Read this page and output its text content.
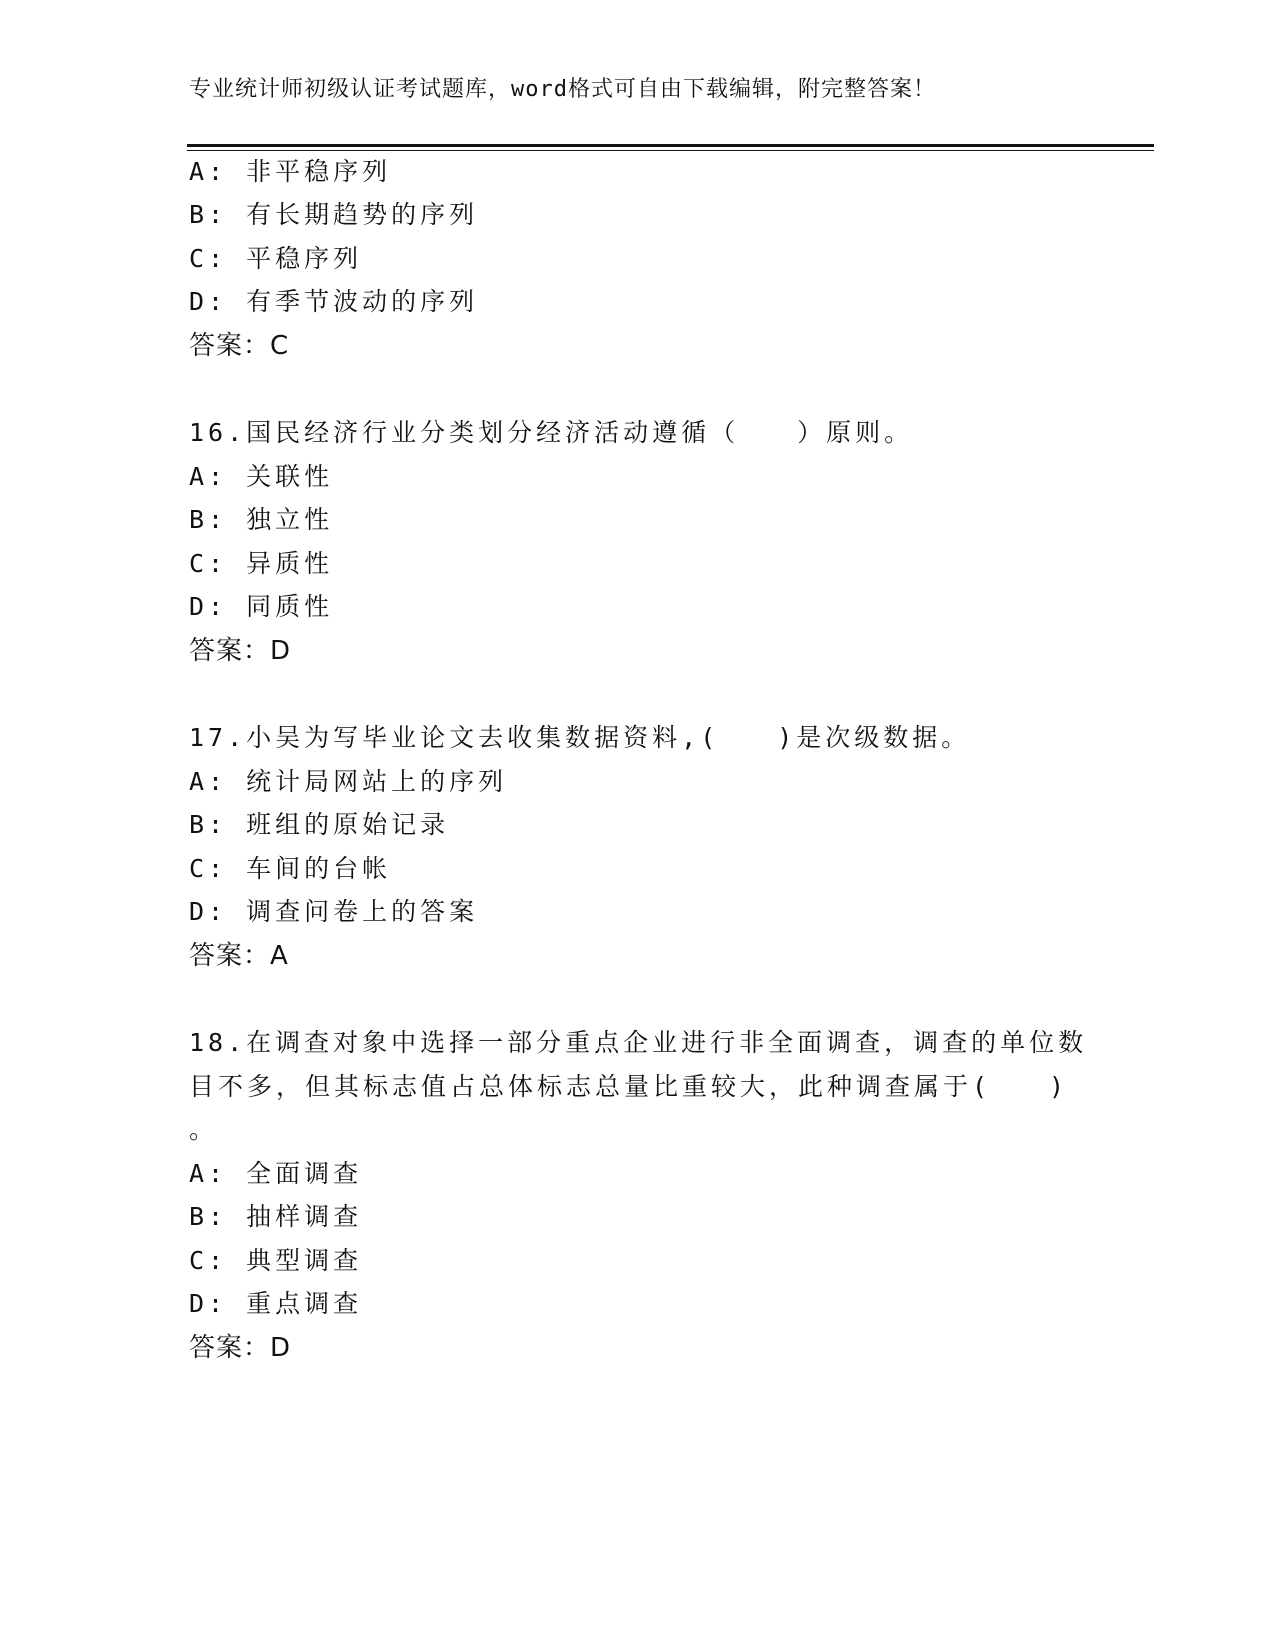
专业统计师初级认证考试题库，word格式可自由下载编辑，附完整答案！
A: 非平稳序列
B: 有长期趋势的序列
C: 平稳序列
D: 有季节波动的序列
答案：C
16.国民经济行业分类划分经济活动遵循（　　）原则。
A: 关联性
B: 独立性
C: 异质性
D: 同质性
答案：D
17.小吴为写毕业论文去收集数据资料,(　　)是次级数据。
A: 统计局网站上的序列
B: 班组的原始记录
C: 车间的台帐
D: 调查问卷上的答案
答案：A
18.在调查对象中选择一部分重点企业进行非全面调查，调查的单位数
目不多，但其标志值占总体标志总量比重较大，此种调查属于(　　)
。
A: 全面调查
B: 抽样调查
C: 典型调查
D: 重点调查
答案：D
